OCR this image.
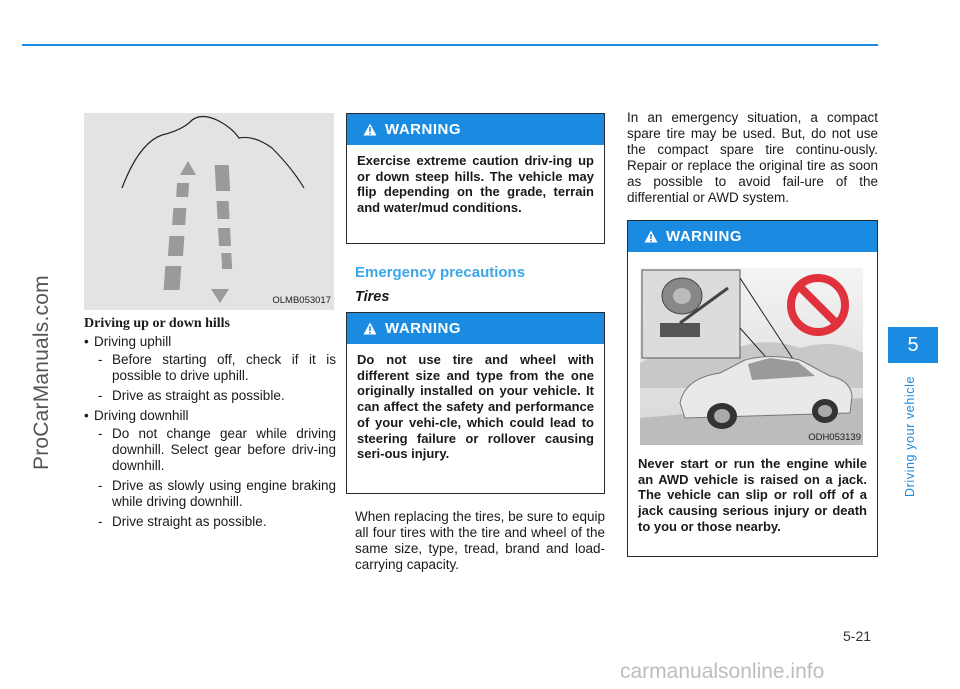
ProCarManuals.com
carmanualsonline.info
5
Driving your vehicle
5-21
OLMB053017
Driving up or down hills
• Driving uphill
- Before starting off, check if it is possible to drive uphill.
- Drive as straight as possible.
• Driving downhill
- Do not change gear while driving downhill. Select gear before driv-ing downhill.
- Drive as slowly using engine braking while driving downhill.
- Drive straight as possible.
WARNING
Exercise extreme caution driv-ing up or down steep hills. The vehicle may flip depending on the grade, terrain and water/mud conditions.
Emergency precautions
Tires
WARNING
Do not use tire and wheel with different size and type from the one originally installed on your vehicle. It can affect the safety and performance of your vehi-cle, which could lead to steering failure or rollover causing seri-ous injury.
When replacing the tires, be sure to equip all four tires with the tire and wheel of the same size, type, tread, brand and load-carrying capacity.
In an emergency situation, a compact spare tire may be used. But, do not use the compact spare tire continu-ously. Repair or replace the original tire as soon as possible to avoid fail-ure of the differential or AWD system.
WARNING
ODH053139
Never start or run the engine while an AWD vehicle is raised on a jack. The vehicle can slip or roll off of a jack causing serious injury or death to you or those nearby.
